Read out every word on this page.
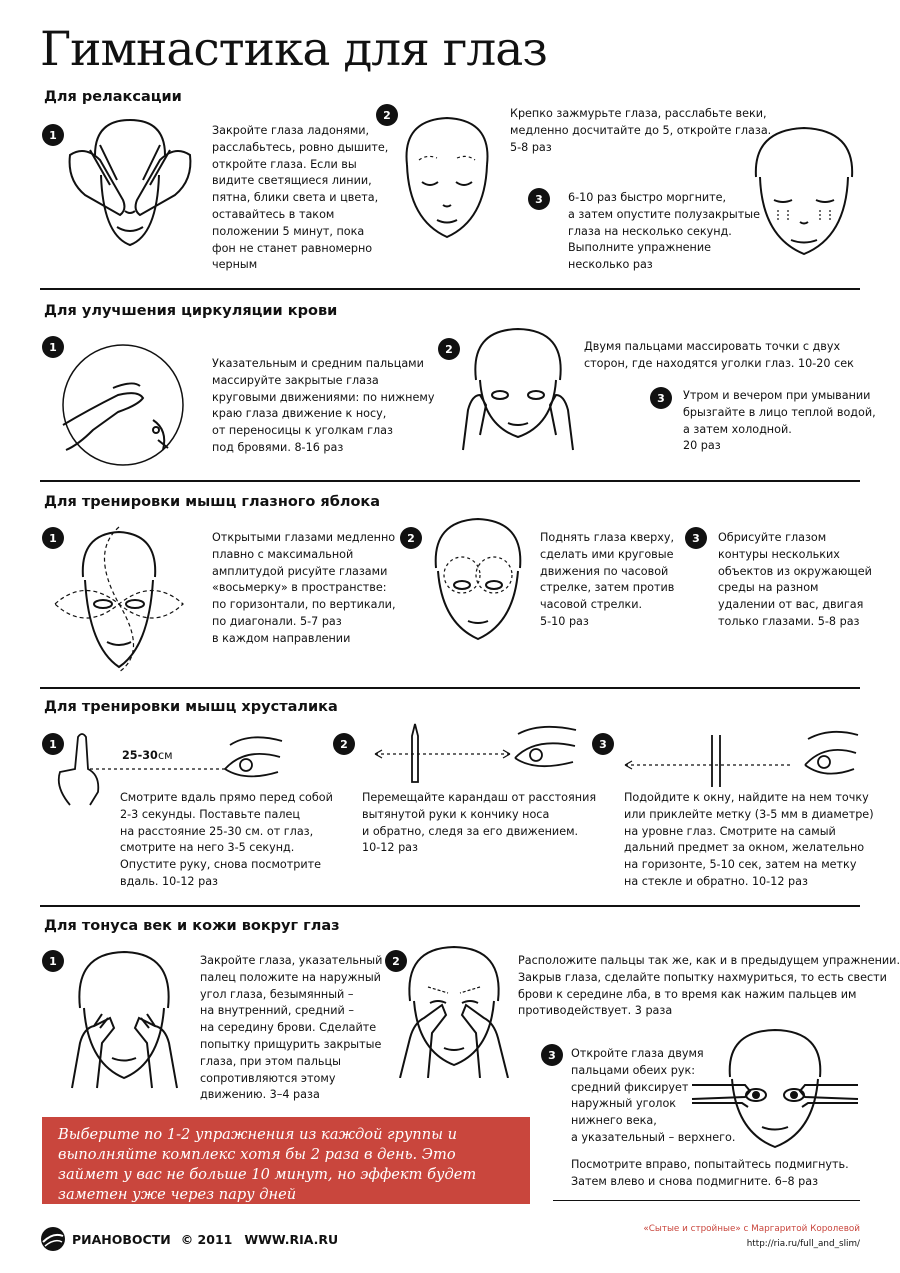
Гимнастика для глаз
Для релаксации
1	Закройте глаза ладонями,
расслабьтесь, ровно дышите,
откройте глаза. Если вы
видите светящиеся линии,
пятна, блики света и цвета,
оставайтесь в таком
положении 5 минут, пока
фон не станет равномерно
черным
2	Крепко зажмурьте глаза, расслабьте веки,
медленно досчитайте до 5, откройте глаза.
5-8 раз
3	6-10 раз быстро моргните,
а затем опустите полузакрытые
глаза на несколько секунд.
Выполните упражнение
несколько раз
Для улучшения циркуляции крови
1
Указательным и средним пальцами
массируйте закрытые глаза
круговыми движениями: по нижнему
краю глаза движение к носу,
от переносицы к уголкам глаз
под бровями. 8-16 раз
2	Двумя пальцами массировать точки с двух
сторон, где находятся уголки глаз. 10-20 сек
3	Утром и вечером при умывании
брызгайте в лицо теплой водой,
а затем холодной.
20 раз
Для тренировки мышц глазного яблока
1	Открытыми глазами медленно
плавно с максимальной
амплитудой рисуйте глазами
«восьмерку» в пространстве:
по горизонтали, по вертикали,
по диагонали. 5-7 раз
в каждом направлении
2	Поднять глаза кверху,
сделать ими круговые
движения по часовой
стрелке, затем против
часовой стрелки.
5-10 раз
3	Обрисуйте глазом
контуры нескольких
объектов из окружающей
среды на разном
удалении от вас, двигая
только глазами. 5-8 раз
Для тренировки мышц хрусталика
1
25-30 см
Смотрите вдаль прямо перед собой
2-3 секунды. Поставьте палец
на расстояние 25-30 см. от глаз,
смотрите на него 3-5 секунд.
Опустите руку, снова посмотрите
вдаль. 10-12 раз
2
Перемещайте карандаш от расстояния
вытянутой руки к кончику носа
и обратно, следя за его движением.
10-12 раз
3
Подойдите к окну, найдите на нем точку
или приклейте метку (3-5 мм в диаметре)
на уровне глаз. Смотрите на самый
дальний предмет за окном, желательно
на горизонте, 5-10 сек, затем на метку
на стекле и обратно. 10-12 раз
Для тонуса век и кожи вокруг глаз
1	Закройте глаза, указательный
палец положите на наружный
угол глаза, безымянный –
на внутренний, средний –
на середину брови. Сделайте
попытку прищурить закрытые
глаза, при этом пальцы
сопротивляются этому
движению. 3–4 раза
2	Расположите пальцы так же, как и в предыдущем упражнении.
Закрыв глаза, сделайте попытку нахмуриться, то есть свести
брови к середине лба, в то время как нажим пальцев им
противодействует. 3 раза
3	Откройте глаза двумя
пальцами обеих рук:
средний фиксирует
наружный уголок
нижнего века,
а указательный – верхнего.
Посмотрите вправо, попытайтесь подмигнуть.
Затем влево и снова подмигните. 6–8 раз
Выберите по 1-2 упражнения из каждой группы и выполняйте комплекс хотя бы 2 раза в день. Это займет у вас не больше 10 минут, но эффект будет заметен уже через пару дней
РИАНОВОСТИ © 2011 WWW.RIA.RU
«Сытые и стройные» с Маргаритой Королевой
http://ria.ru/full_and_slim/
